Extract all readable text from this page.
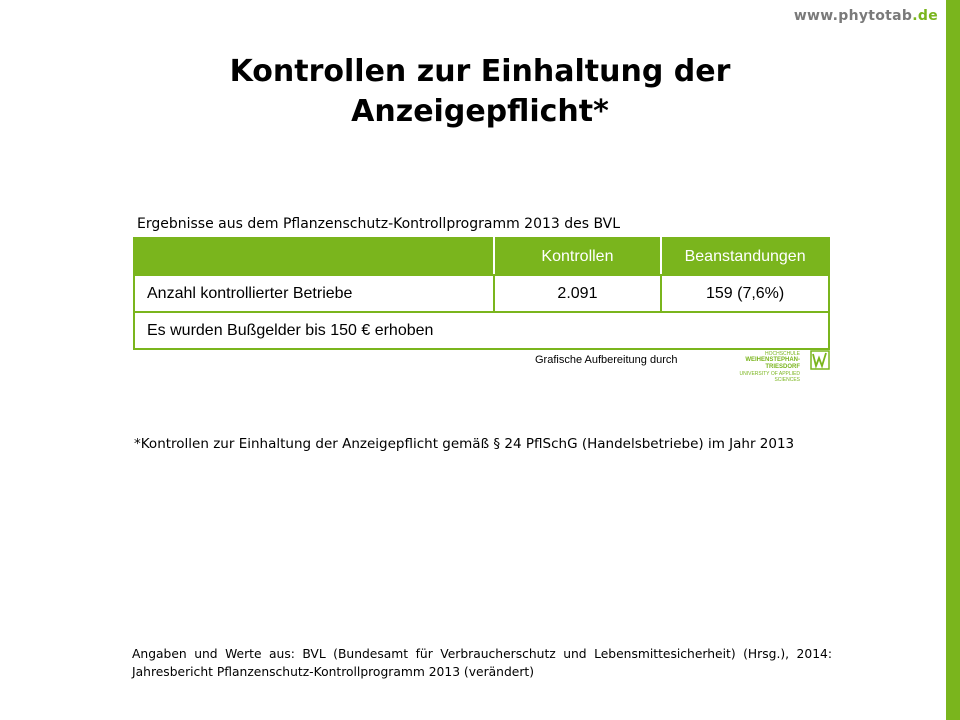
www.phytotab.de
Kontrollen zur Einhaltung der
Anzeigepflicht*
Ergebnisse aus dem Pflanzenschutz-Kontrollprogramm 2013 des BVL
	Kontrollen	Beanstandungen
Anzahl kontrollierter Betriebe	2.091	159 (7,6%)
Es wurden Bußgelder bis 150 € erhoben		
Grafische Aufbereitung durch	HOCHSCHULE
WEIHENSTEPHAN-TRIESDORF
UNIVERSITY OF APPLIED SCIENCES
*Kontrollen zur Einhaltung der Anzeigepflicht gemäß § 24 PflSchG (Handelsbetriebe) im Jahr 2013
Angaben und Werte aus: BVL (Bundesamt für Verbraucherschutz und Lebensmittesicherheit) (Hrsg.), 2014: Jahresbericht Pflanzenschutz-Kontrollprogramm 2013 (verändert)
